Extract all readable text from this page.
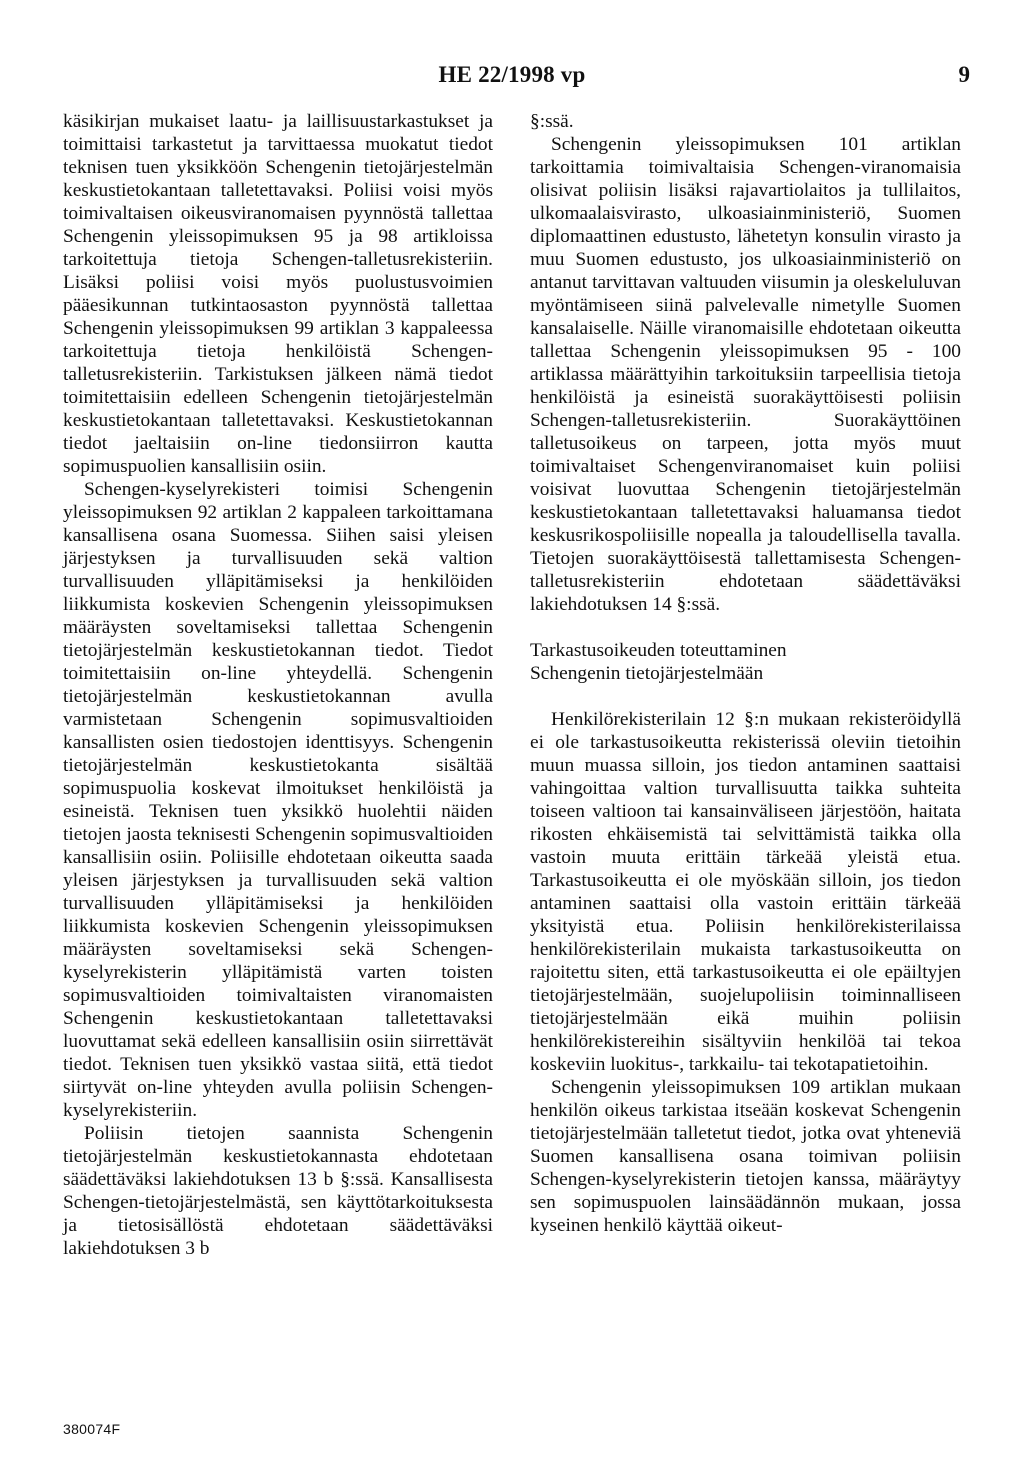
HE 22/1998 vp	9

käsikirjan mukaiset laatu- ja laillisuustarkastukset ja toimittaisi tarkastetut ja tarvittaessa muokatut tiedot teknisen tuen yksikköön Schengenin tietojärjestelmän keskustietokantaan talletettavaksi. Poliisi voisi myös toimivaltaisen oikeusviranomaisen pyynnöstä tallettaa Schengenin yleissopimuksen 95 ja 98 artikloissa tarkoitettuja tietoja Schengen-talletusrekisteriin. Lisäksi poliisi voisi myös puolustusvoimien pääesikunnan tutkintaosaston pyynnöstä tallettaa Schengenin yleissopimuksen 99 artiklan 3 kappaleessa tarkoitettuja tietoja henkilöistä Schengen-talletusrekisteriin. Tarkistuksen jälkeen nämä tiedot toimitettaisiin edelleen Schengenin tietojärjestelmän keskustietokantaan talletettavaksi. Keskustietokannan tiedot jaeltaisiin on-line tiedonsiirron kautta sopimuspuolien kansallisiin osiin.

Schengen-kyselyrekisteri toimisi Schengenin yleissopimuksen 92 artiklan 2 kappaleen tarkoittamana kansallisena osana Suomessa. Siihen saisi yleisen järjestyksen ja turvallisuuden sekä valtion turvallisuuden ylläpitämiseksi ja henkilöiden liikkumista koskevien Schengenin yleissopimuksen määräysten soveltamiseksi tallettaa Schengenin tietojärjestelmän keskustietokannan tiedot. Tiedot toimitettaisiin on-line yhteydellä. Schengenin tietojärjestelmän keskustietokannan avulla varmistetaan Schengenin sopimusvaltioiden kansallisten osien tiedostojen identtisyys. Schengenin tietojärjestelmän keskustietokanta sisältää sopimuspuolia koskevat ilmoitukset henkilöistä ja esineistä. Teknisen tuen yksikkö huolehtii näiden tietojen jaosta teknisesti Schengenin sopimusvaltioiden kansallisiin osiin. Poliisille ehdotetaan oikeutta saada yleisen järjestyksen ja turvallisuuden sekä valtion turvallisuuden ylläpitämiseksi ja henkilöiden liikkumista koskevien Schengenin yleissopimuksen määräysten soveltamiseksi sekä Schengen-kyselyrekisterin ylläpitämistä varten toisten sopimusvaltioiden toimivaltaisten viranomaisten Schengenin keskustietokantaan talletettavaksi luovuttamat sekä edelleen kansallisiin osiin siirrettävät tiedot. Teknisen tuen yksikkö vastaa siitä, että tiedot siirtyvät on-line yhteyden avulla poliisin Schengen-kyselyrekisteriin.

Poliisin tietojen saannista Schengenin tietojärjestelmän keskustietokannasta ehdotetaan säädettäväksi lakiehdotuksen 13 b §:ssä. Kansallisesta Schengen-tietojärjestelmästä, sen käyttötarkoituksesta ja tietosisällöstä ehdotetaan säädettäväksi lakiehdotuksen 3 b

§:ssä.

Schengenin yleissopimuksen 101 artiklan tarkoittamia toimivaltaisia Schengen-viranomaisia olisivat poliisin lisäksi rajavartiolaitos ja tullilaitos, ulkomaalaisvirasto, ulkoasiainministeriö, Suomen diplomaattinen edustusto, lähetetyn konsulin virasto ja muu Suomen edustusto, jos ulkoasiainministeriö on antanut tarvittavan valtuuden viisumin ja oleskeluluvan myöntämiseen siinä palvelevalle nimetylle Suomen kansalaiselle. Näille viranomaisille ehdotetaan oikeutta tallettaa Schengenin yleissopimuksen 95 - 100 artiklassa määrättyihin tarkoituksiin tarpeellisia tietoja henkilöistä ja esineistä suorakäyttöisesti poliisin Schengen-talletusrekisteriin. Suorakäyttöinen talletusoikeus on tarpeen, jotta myös muut toimivaltaiset Schengenviranomaiset kuin poliisi voisivat luovuttaa Schengenin tietojärjestelmän keskustietokantaan talletettavaksi haluamansa tiedot keskusrikospoliisille nopealla ja taloudellisella tavalla. Tietojen suorakäyttöisestä tallettamisesta Schengen-talletusrekisteriin ehdotetaan säädettäväksi lakiehdotuksen 14 §:ssä.

Tarkastusoikeuden toteuttaminen
Schengenin tietojärjestelmään

Henkilörekisterilain 12 §:n mukaan rekisteröidyllä ei ole tarkastusoikeutta rekisterissä oleviin tietoihin muun muassa silloin, jos tiedon antaminen saattaisi vahingoittaa valtion turvallisuutta taikka suhteita toiseen valtioon tai kansainväliseen järjestöön, haitata rikosten ehkäisemistä tai selvittämistä taikka olla vastoin muuta erittäin tärkeää yleistä etua. Tarkastusoikeutta ei ole myöskään silloin, jos tiedon antaminen saattaisi olla vastoin erittäin tärkeää yksityistä etua. Poliisin henkilörekisterilaissa henkilörekisterilain mukaista tarkastusoikeutta on rajoitettu siten, että tarkastusoikeutta ei ole epäiltyjen tietojärjestelmään, suojelupoliisin toiminnalliseen tietojärjestelmään eikä muihin poliisin henkilörekistereihin sisältyviin henkilöä tai tekoa koskeviin luokitus-, tarkkailu- tai tekotapatietoihin.

Schengenin yleissopimuksen 109 artiklan mukaan henkilön oikeus tarkistaa itseään koskevat Schengenin tietojärjestelmään talletetut tiedot, jotka ovat yhteneviä Suomen kansallisena osana toimivan poliisin Schengen-kyselyrekisterin tietojen kanssa, määräytyy sen sopimuspuolen lainsäädännön mukaan, jossa kyseinen henkilö käyttää oikeut-

380074F
